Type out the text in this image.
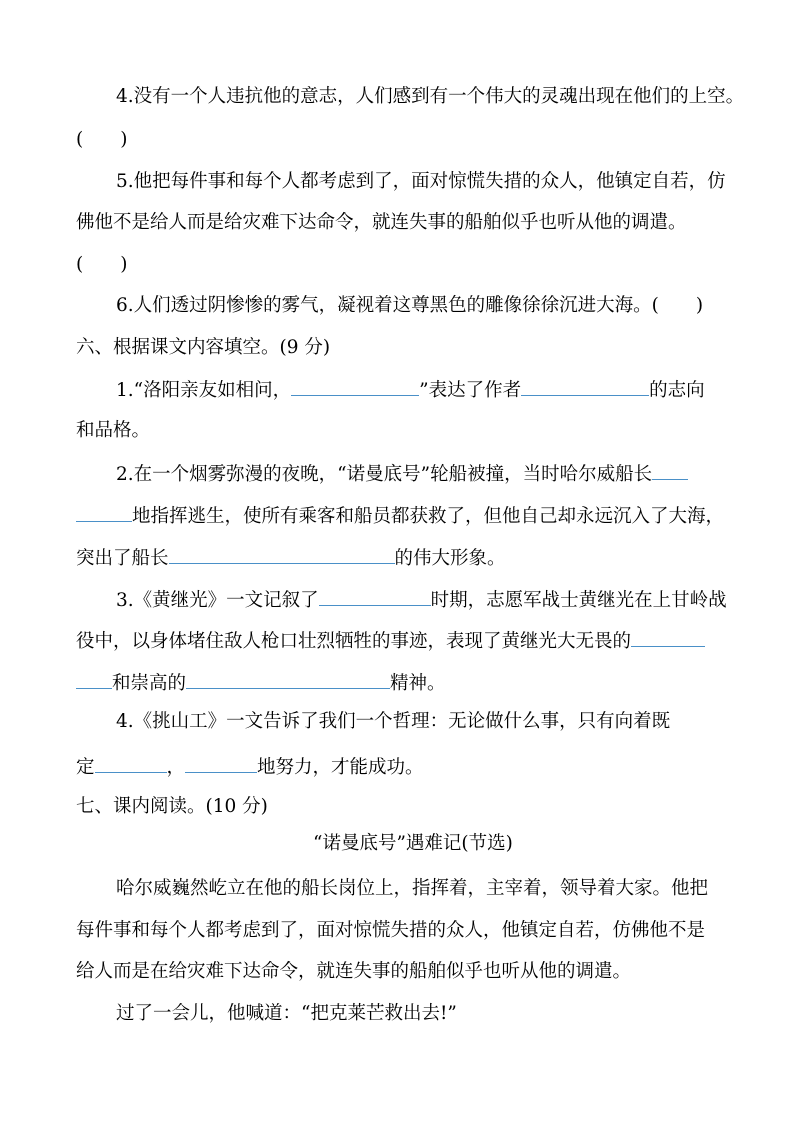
4.没有一个人违抗他的意志，人们感到有一个伟大的灵魂出现在他们的上空。
(　　)
5.他把每件事和每个人都考虑到了，面对惊慌失措的众人，他镇定自若，仿
佛他不是给人而是给灾难下达命令，就连失事的船舶似乎也听从他的调遣。
(　　)
6.人们透过阴惨惨的雾气，凝视着这尊黑色的雕像徐徐沉进大海。(　　)
六、根据课文内容填空。(9 分)
1.“洛阳亲友如相问，	”表达了作者	的志向
和品格。
2.在一个烟雾弥漫的夜晚，“诺曼底号”轮船被撞，当时哈尔威船长
地指挥逃生，使所有乘客和船员都获救了，但他自己却永远沉入了大海，
突出了船长	的伟大形象。
3.《黄继光》一文记叙了	时期，志愿军战士黄继光在上甘岭战
役中，以身体堵住敌人枪口壮烈牺牲的事迹，表现了黄继光大无畏的
和崇高的	精神。
4.《挑山工》一文告诉了我们一个哲理：无论做什么事，只有向着既
定	，	地努力，才能成功。
七、课内阅读。(10 分)
“诺曼底号”遇难记(节选)
哈尔威巍然屹立在他的船长岗位上，指挥着，主宰着，领导着大家。他把
每件事和每个人都考虑到了，面对惊慌失措的众人，他镇定自若，仿佛他不是
给人而是在给灾难下达命令，就连失事的船舶似乎也听从他的调遣。
过了一会儿，他喊道：“把克莱芒救出去!”
